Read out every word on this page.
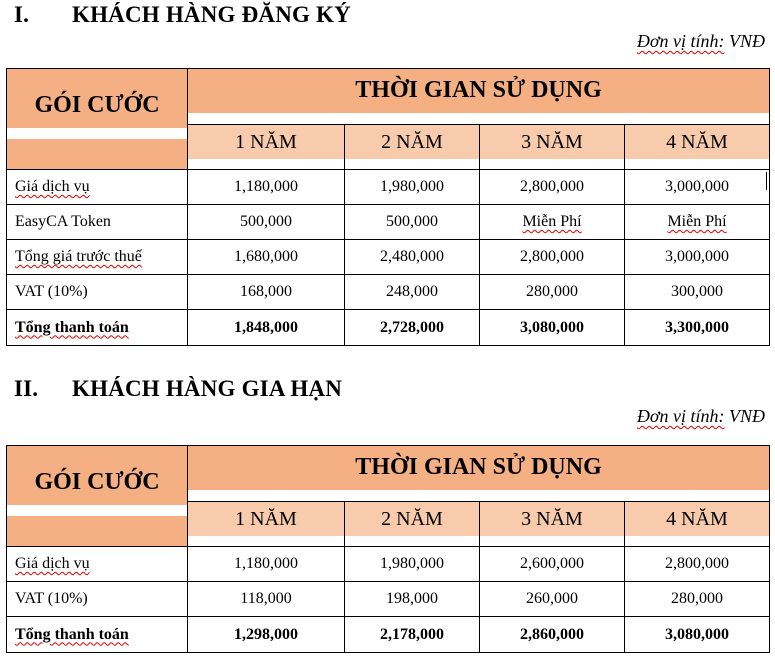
I. KHÁCH HÀNG ĐĂNG KÝ
Đơn vị tính: VNĐ
GÓI CƯỚC	THỜI GIAN SỬ DỤNG			

	1 NĂM	2 NĂM	3 NĂM	4 NĂM

Giá dịch vụ	1,180,000	1,980,000	2,800,000	3,000,000
EasyCA Token	500,000	500,000	Miễn Phí	Miễn Phí
Tổng giá trước thuế	1,680,000	2,480,000	2,800,000	3,000,000
VAT (10%)	168,000	248,000	280,000	300,000
Tổng thanh toán	1,848,000	2,728,000	3,080,000	3,300,000
II. KHÁCH HÀNG GIA HẠN
Đơn vị tính: VNĐ
GÓI CƯỚC	THỜI GIAN SỬ DỤNG			

	1 NĂM	2 NĂM	3 NĂM	4 NĂM

Giá dịch vụ	1,180,000	1,980,000	2,600,000	2,800,000
VAT (10%)	118,000	198,000	260,000	280,000
Tổng thanh toán	1,298,000	2,178,000	2,860,000	3,080,000
